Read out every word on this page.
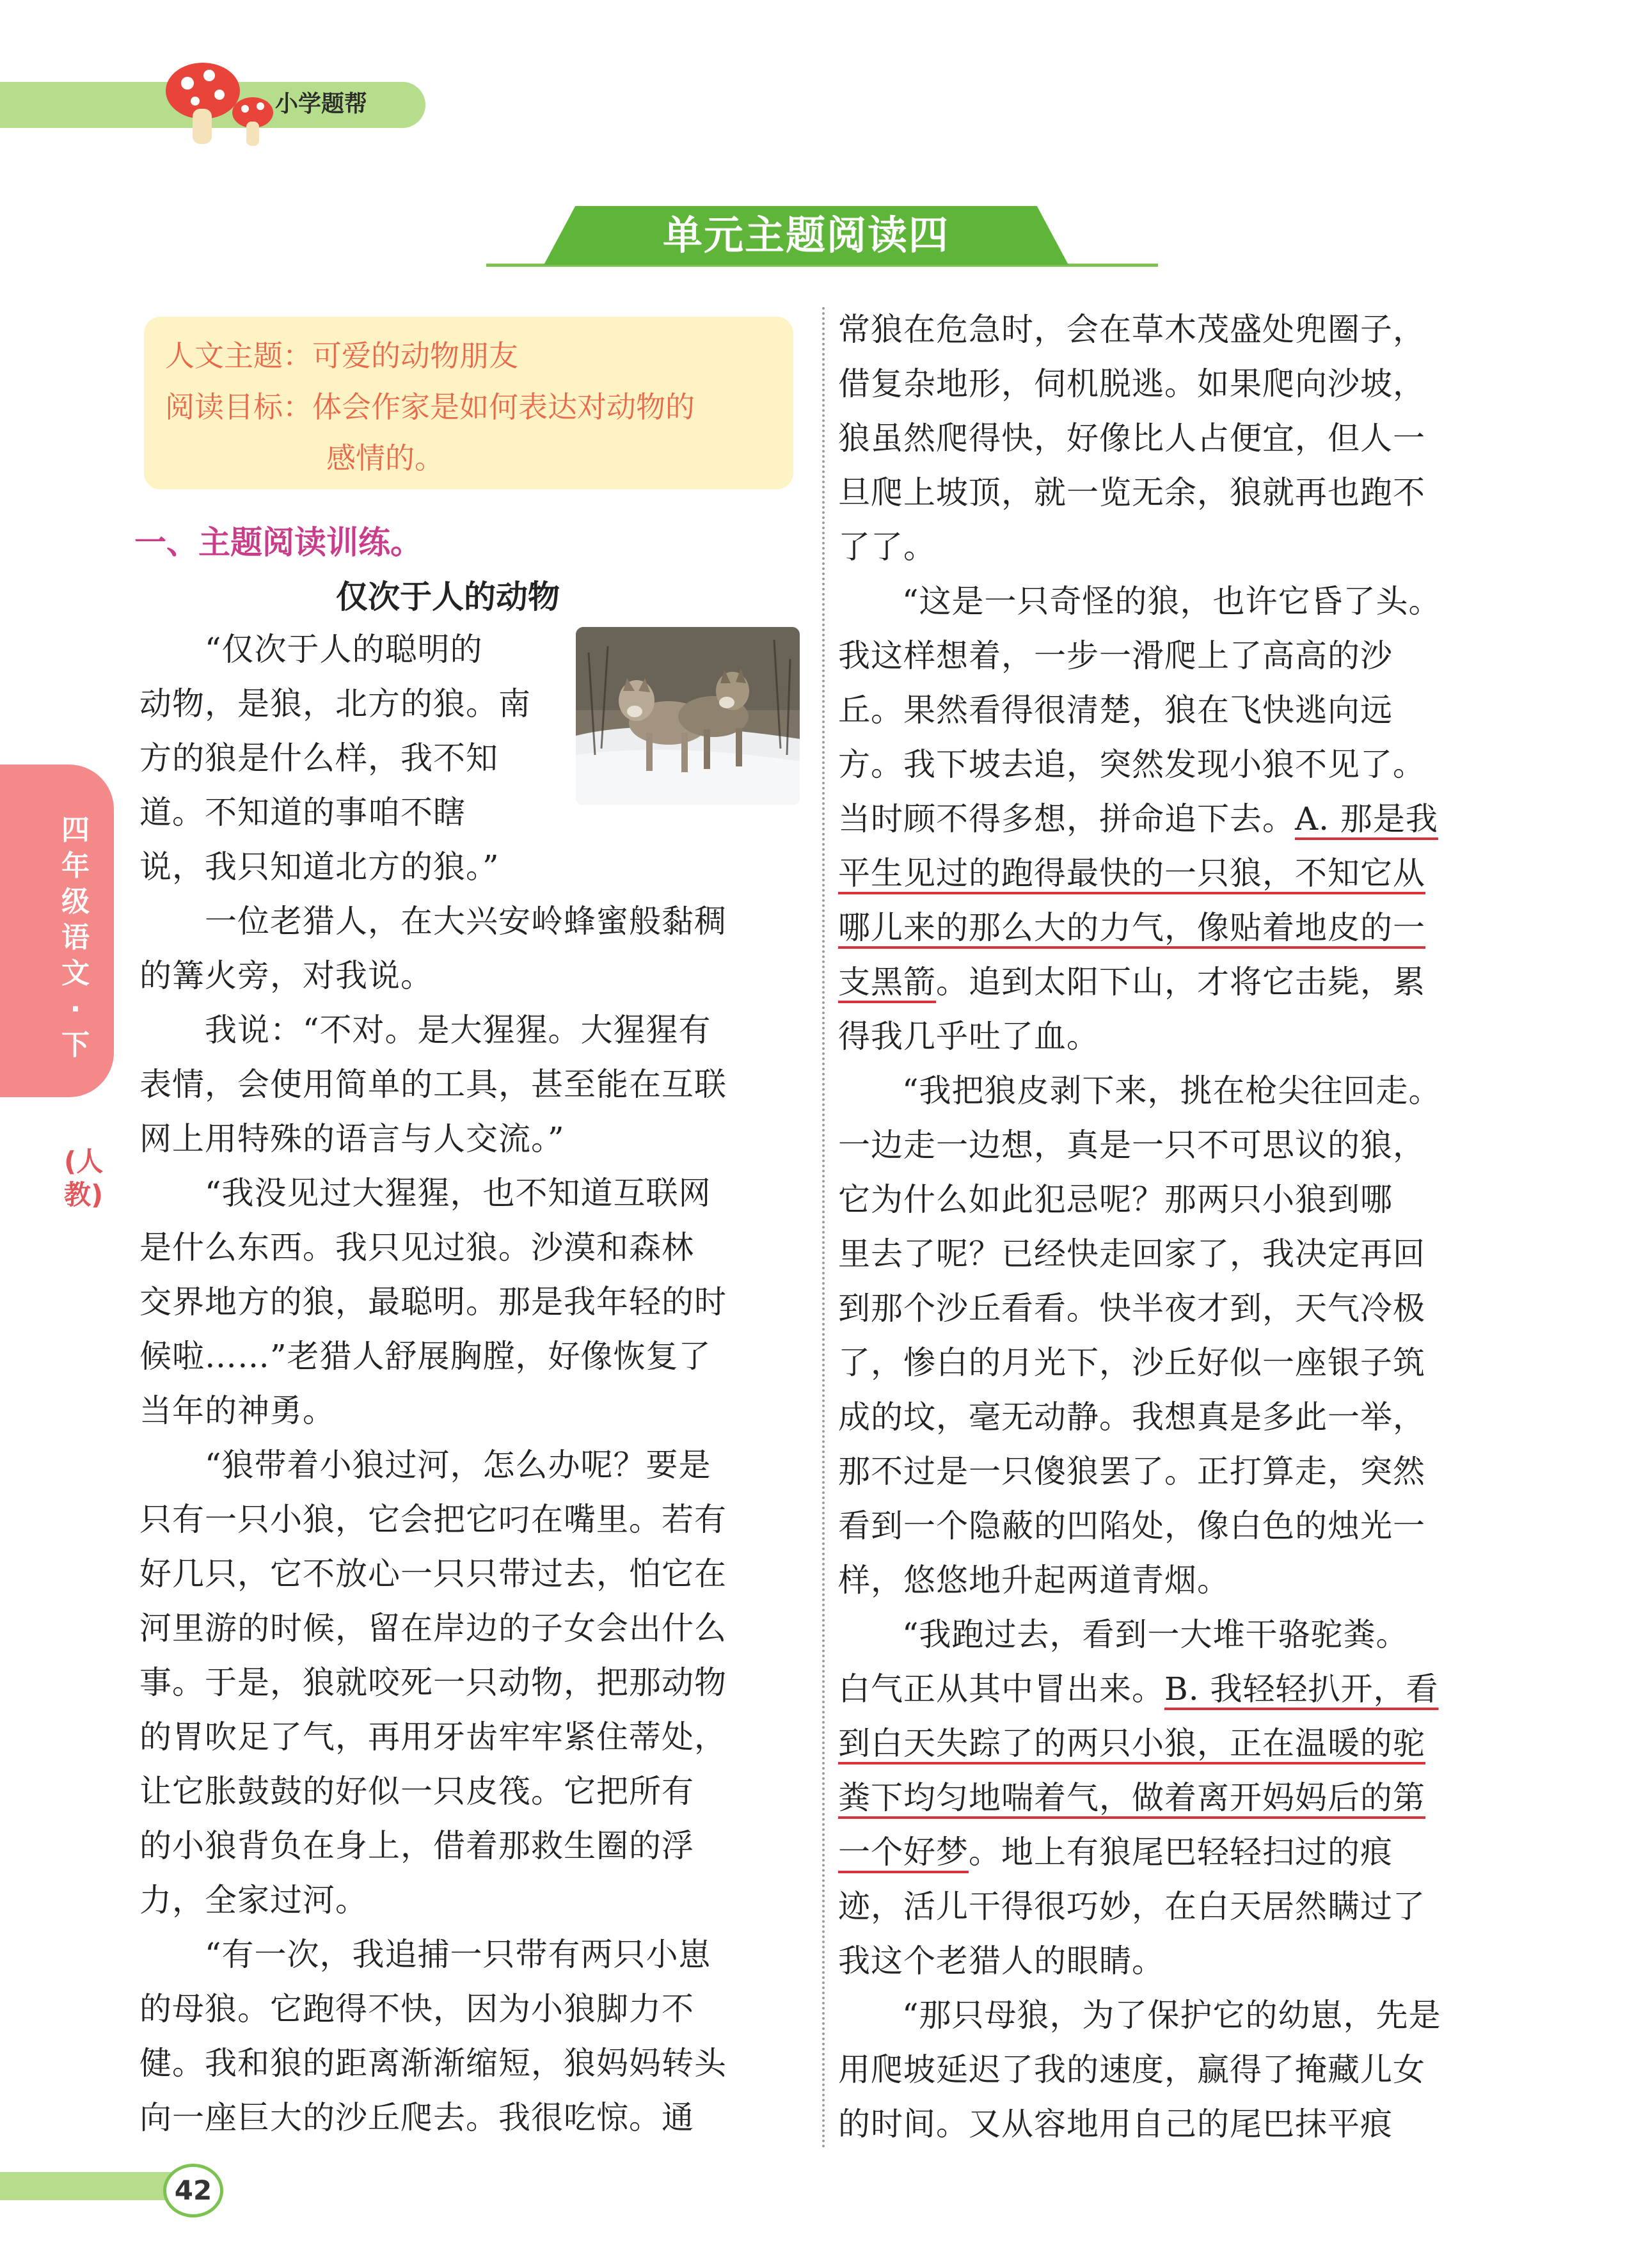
小学题帮
单元主题阅读四
四年级语文·下
(人教)
人文主题：可爱的动物朋友
阅读目标：体会作家是如何表达对动物的
感情的。
一、主题阅读训练。
仅次于人的动物
“仅次于人的聪明的
动物，是狼，北方的狼。南
方的狼是什么样，我不知
道。不知道的事咱不瞎
说，我只知道北方的狼。”
一位老猎人，在大兴安岭蜂蜜般黏稠
的篝火旁，对我说。
我说：“不对。是大猩猩。大猩猩有
表情，会使用简单的工具，甚至能在互联
网上用特殊的语言与人交流。”
“我没见过大猩猩，也不知道互联网
是什么东西。我只见过狼。沙漠和森林
交界地方的狼，最聪明。那是我年轻的时
候啦……”老猎人舒展胸膛，好像恢复了
当年的神勇。
“狼带着小狼过河，怎么办呢？要是
只有一只小狼，它会把它叼在嘴里。若有
好几只，它不放心一只只带过去，怕它在
河里游的时候，留在岸边的子女会出什么
事。于是，狼就咬死一只动物，把那动物
的胃吹足了气，再用牙齿牢牢紧住蒂处，
让它胀鼓鼓的好似一只皮筏。它把所有
的小狼背负在身上，借着那救生圈的浮
力，全家过河。
“有一次，我追捕一只带有两只小崽
的母狼。它跑得不快，因为小狼脚力不
健。我和狼的距离渐渐缩短，狼妈妈转头
向一座巨大的沙丘爬去。我很吃惊。通
常狼在危急时，会在草木茂盛处兜圈子，
借复杂地形，伺机脱逃。如果爬向沙坡，
狼虽然爬得快，好像比人占便宜，但人一
旦爬上坡顶，就一览无余，狼就再也跑不
了了。
“这是一只奇怪的狼，也许它昏了头。
我这样想着，一步一滑爬上了高高的沙
丘。果然看得很清楚，狼在飞快逃向远
方。我下坡去追，突然发现小狼不见了。
当时顾不得多想，拼命追下去。A. 那是我
平生见过的跑得最快的一只狼，不知它从
哪儿来的那么大的力气，像贴着地皮的一
支黑箭。追到太阳下山，才将它击毙，累
得我几乎吐了血。
“我把狼皮剥下来，挑在枪尖往回走。
一边走一边想，真是一只不可思议的狼，
它为什么如此犯忌呢？那两只小狼到哪
里去了呢？已经快走回家了，我决定再回
到那个沙丘看看。快半夜才到，天气冷极
了，惨白的月光下，沙丘好似一座银子筑
成的坟，毫无动静。我想真是多此一举，
那不过是一只傻狼罢了。正打算走，突然
看到一个隐蔽的凹陷处，像白色的烛光一
样，悠悠地升起两道青烟。
“我跑过去，看到一大堆干骆驼粪。
白气正从其中冒出来。B. 我轻轻扒开，看
到白天失踪了的两只小狼，正在温暖的驼
粪下均匀地喘着气，做着离开妈妈后的第
一个好梦。地上有狼尾巴轻轻扫过的痕
迹，活儿干得很巧妙，在白天居然瞒过了
我这个老猎人的眼睛。
“那只母狼，为了保护它的幼崽，先是
用爬坡延迟了我的速度，赢得了掩藏儿女
的时间。又从容地用自己的尾巴抹平痕
42
